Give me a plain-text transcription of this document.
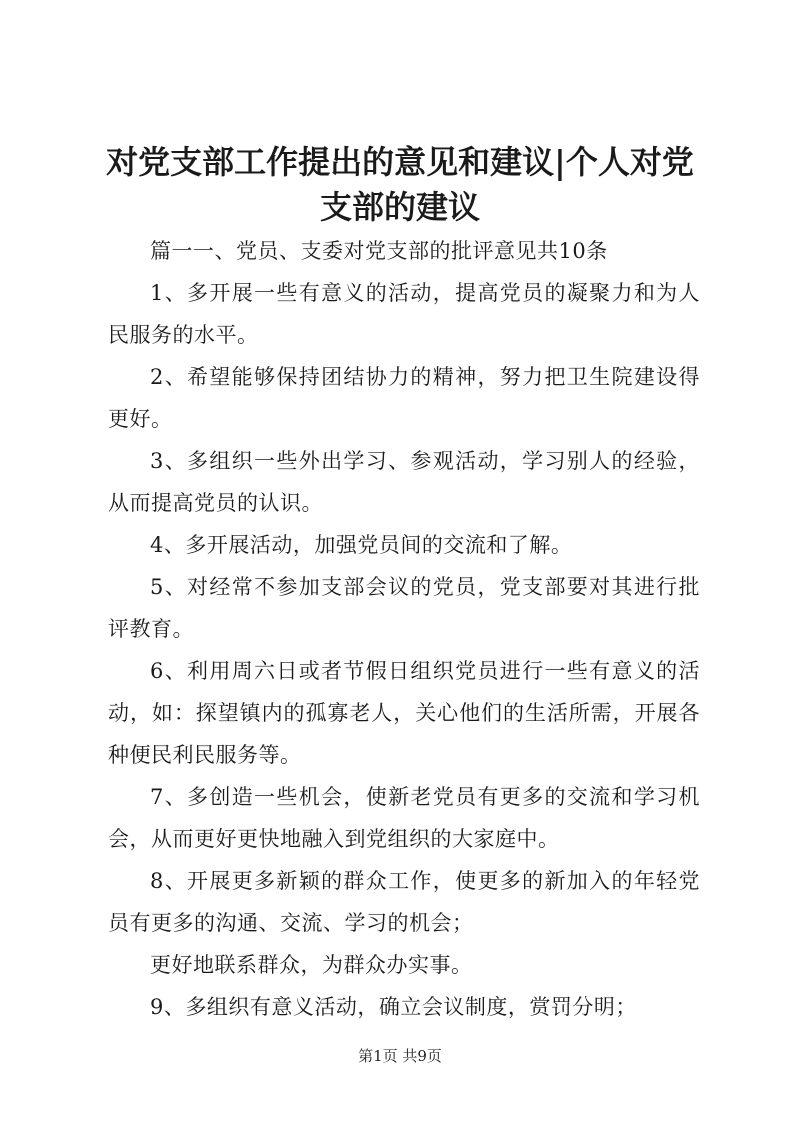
对党支部工作提出的意见和建议|个人对党支部的建议

篇一一、党员、支委对党支部的批评意见共10条

1、多开展一些有意义的活动，提高党员的凝聚力和为人民服务的水平。

2、希望能够保持团结协力的精神，努力把卫生院建设得更好。

3、多组织一些外出学习、参观活动，学习别人的经验，从而提高党员的认识。

4、多开展活动，加强党员间的交流和了解。

5、对经常不参加支部会议的党员，党支部要对其进行批评教育。

6、利用周六日或者节假日组织党员进行一些有意义的活动，如：探望镇内的孤寡老人，关心他们的生活所需，开展各种便民利民服务等。

7、多创造一些机会，使新老党员有更多的交流和学习机会，从而更好更快地融入到党组织的大家庭中。

8、开展更多新颖的群众工作，使更多的新加入的年轻党员有更多的沟通、交流、学习的机会；

更好地联系群众，为群众办实事。

9、多组织有意义活动，确立会议制度，赏罚分明；

第1页 共9页
